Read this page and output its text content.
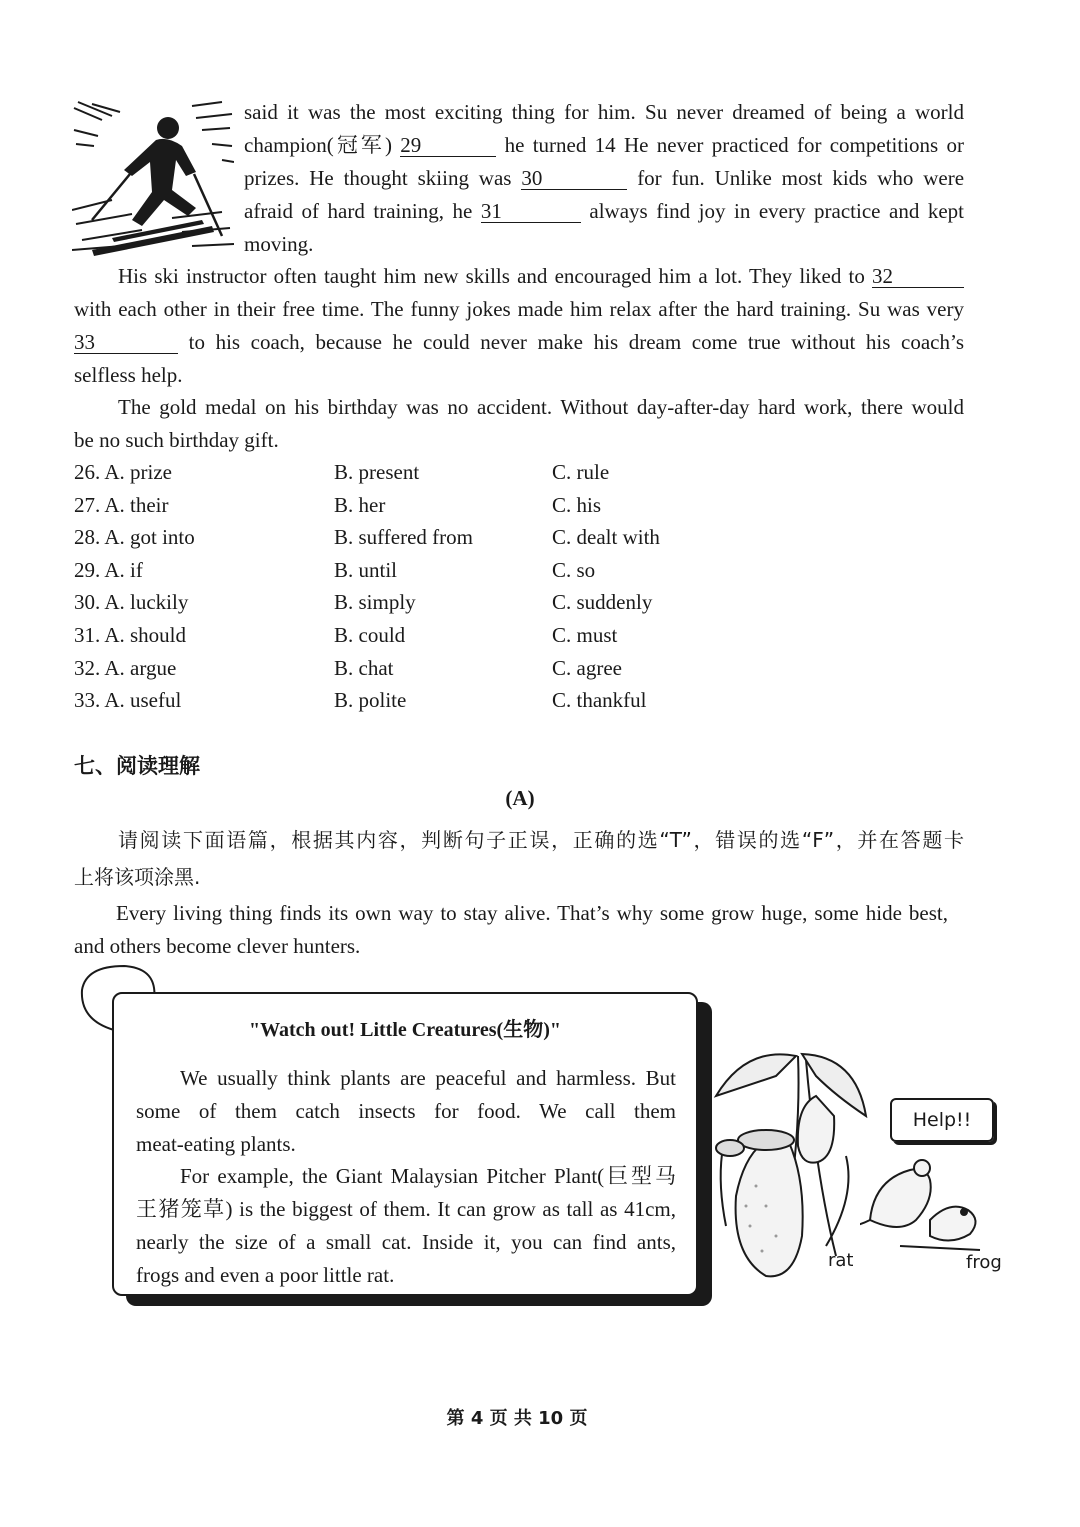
said it was the most exciting thing for him. Su never dreamed of being a world
champion(冠军) 29	he turned 14 He never practiced for competitions or
prizes. He thought skiing was 30	for fun. Unlike most kids who were
afraid of hard training, he 31	always find joy in every practice and kept
moving.
His ski instructor often taught him new skills and encouraged him a lot. They liked to 32
with each other in their free time. The funny jokes made him relax after the hard training. Su was very
33	to his coach, because he could never make his dream come true without his coach’s
selfless help.
The gold medal on his birthday was no accident. Without day-after-day hard work, there would
be no such birthday gift.
26. A. prize	B. present	C. rule
27. A. their	B. her	C. his
28. A. got into	B. suffered from	C. dealt with
29. A. if	B. until	C. so
30. A. luckily	B. simply	C. suddenly
31. A. should	B. could	C. must
32. A. argue	B. chat	C. agree
33. A. useful	B. polite	C. thankful
七、阅读理解
(A)
请阅读下面语篇，根据其内容，判断句子正误，正确的选“T”，错误的选“F”，并在答题卡
上将该项涂黑.
Every living thing finds its own way to stay alive. That’s why some grow huge, some hide best,
and others become clever hunters.
"Watch out! Little Creatures(生物)"
We usually think plants are peaceful and harmless. But
some of them catch insects for food. We call them
meat-eating plants.
For example, the Giant Malaysian Pitcher Plant(巨型马
王猪笼草) is the biggest of them. It can grow as tall as 41cm,
nearly the size of a small cat. Inside it, you can find ants,
frogs and even a poor little rat.
Help!!
rat	frog
第 4 页 共 10 页
